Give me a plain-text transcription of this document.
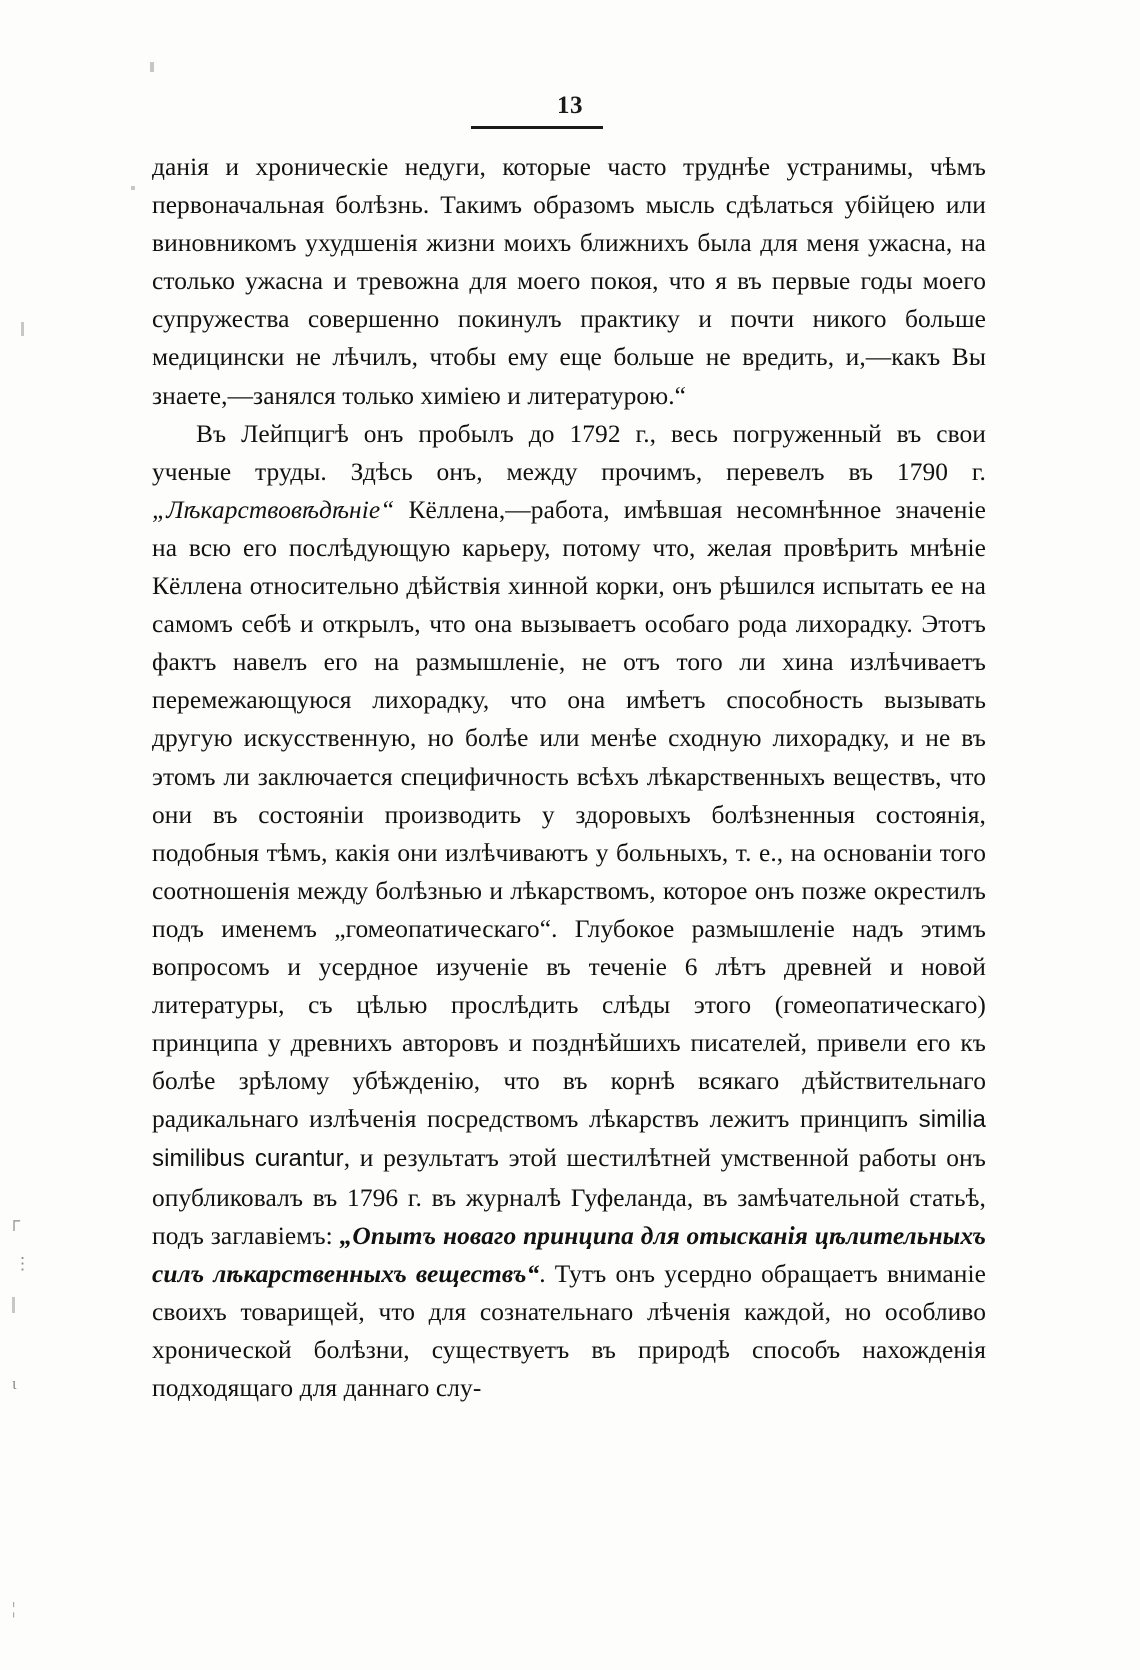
┌
⋮
ι
¦
13

данія и хроническіе недуги, которые часто труднѣе устранимы, чѣмъ первоначальная болѣзнь. Такимъ образомъ мысль сдѣлаться убійцею или виновникомъ ухудшенія жизни моихъ ближнихъ была для меня ужасна, на столько ужасна и тревожна для моего покоя, что я въ первые годы моего супружества совершенно покинулъ практику и почти никого больше медицински не лѣчилъ, чтобы ему еще больше не вредить, и,—какъ Вы знаете,—занялся только химіею и литературою.“

Въ Лейпцигѣ онъ пробылъ до 1792 г., весь погруженный въ свои ученые труды. Здѣсь онъ, между прочимъ, перевелъ въ 1790 г. „Лѣкарствовѣдѣніе“ Кёллена,—работа, имѣвшая несомнѣнное значеніе на всю его послѣдующую карьеру, потому что, желая провѣрить мнѣніе Кёллена относительно дѣйствія хинной корки, онъ рѣшился испытать ее на самомъ себѣ и открылъ, что она вызываетъ особаго рода лихорадку. Этотъ фактъ навелъ его на размышленіе, не отъ того ли хина излѣчиваетъ перемежающуюся лихорадку, что она имѣетъ способность вызывать другую искусственную, но болѣе или менѣе сходную лихорадку, и не въ этомъ ли заключается специфичность всѣхъ лѣкарственныхъ веществъ, что они въ состояніи производить у здоровыхъ болѣзненныя состоянія, подобныя тѣмъ, какія они излѣчиваютъ у больныхъ, т. е., на основаніи того соотношенія между болѣзнью и лѣкарствомъ, которое онъ позже окрестилъ подъ именемъ „гомеопатическаго“. Глубокое размышленіе надъ этимъ вопросомъ и усердное изученіе въ теченіе 6 лѣтъ древней и новой литературы, съ цѣлью прослѣдить слѣды этого (гомеопатическаго) принципа у древнихъ авторовъ и позднѣйшихъ писателей, привели его къ болѣе зрѣлому убѣжденію, что въ корнѣ всякаго дѣйствительнаго радикальнаго излѣченія посредствомъ лѣкарствъ лежитъ принципъ similia similibus curantur, и результатъ этой шестилѣтней умственной работы онъ опубликовалъ въ 1796 г. въ журналѣ Гуфеланда, въ замѣчательной статьѣ, подъ заглавіемъ: „Опытъ новаго принципа для отысканія цѣлительныхъ силъ лѣкарственныхъ веществъ“. Тутъ онъ усердно обращаетъ вниманіе своихъ товарищей, что для сознательнаго лѣченія каждой, но особливо хронической болѣзни, существуетъ въ природѣ способъ нахожденія подходящаго для даннаго слу-
